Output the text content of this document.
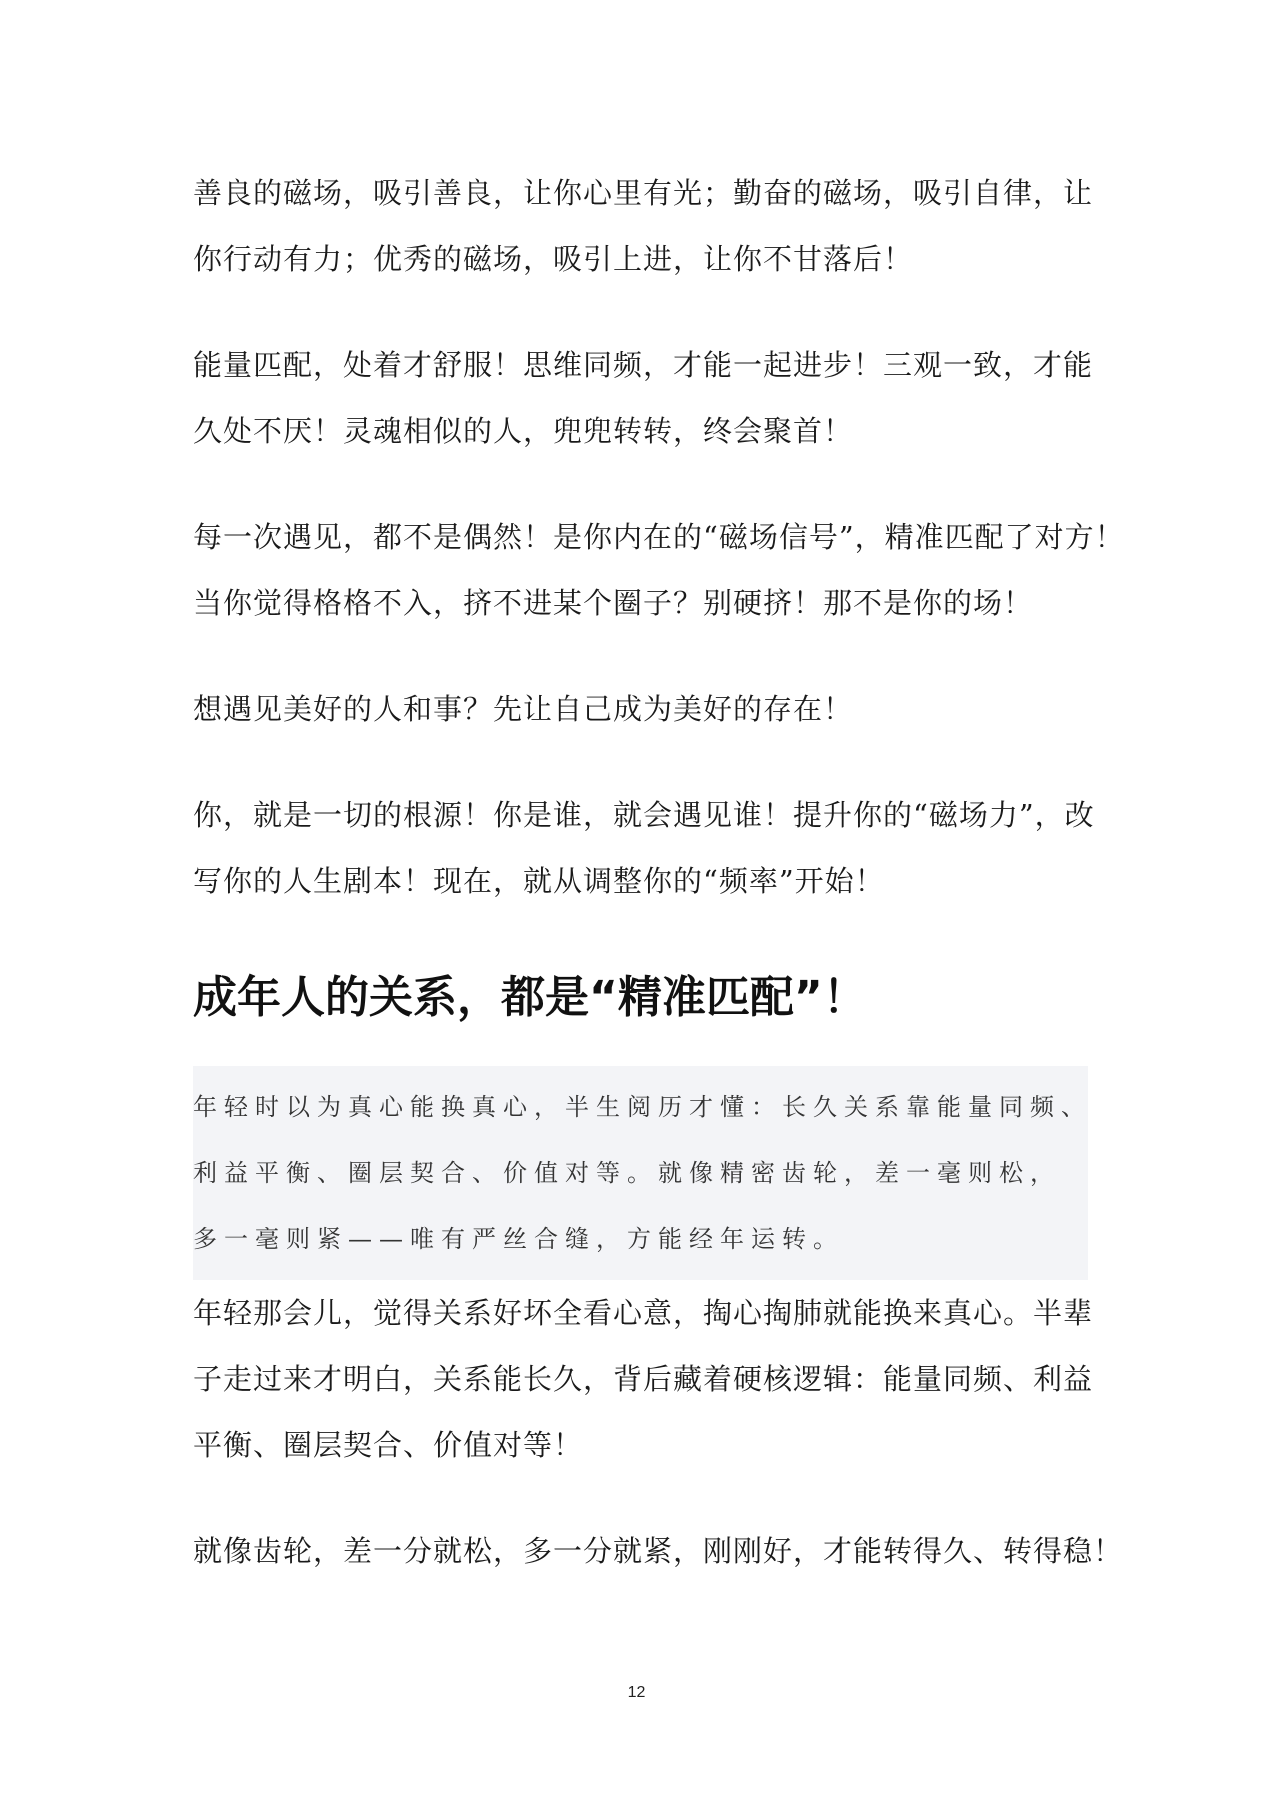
善良的磁场，吸引善良，让你心里有光；勤奋的磁场，吸引自律，让
你行动有力；优秀的磁场，吸引上进，让你不甘落后！

能量匹配，处着才舒服！思维同频，才能一起进步！三观一致，才能
久处不厌！灵魂相似的人，兜兜转转，终会聚首！

每一次遇见，都不是偶然！是你内在的“磁场信号”，精准匹配了对方！
当你觉得格格不入，挤不进某个圈子？别硬挤！那不是你的场！

想遇见美好的人和事？先让自己成为美好的存在！

你，就是一切的根源！你是谁，就会遇见谁！提升你的“磁场力”，改
写你的人生剧本！现在，就从调整你的“频率”开始！

成年人的关系，都是“精准匹配”！

年轻时以为真心能换真心，半生阅历才懂：长久关系靠能量同频、
利益平衡、圈层契合、价值对等。就像精密齿轮，差一毫则松，
多一毫则紧——唯有严丝合缝，方能经年运转。

年轻那会儿，觉得关系好坏全看心意，掏心掏肺就能换来真心。半辈
子走过来才明白，关系能长久，背后藏着硬核逻辑：能量同频、利益
平衡、圈层契合、价值对等！

就像齿轮，差一分就松，多一分就紧，刚刚好，才能转得久、转得稳！

12
